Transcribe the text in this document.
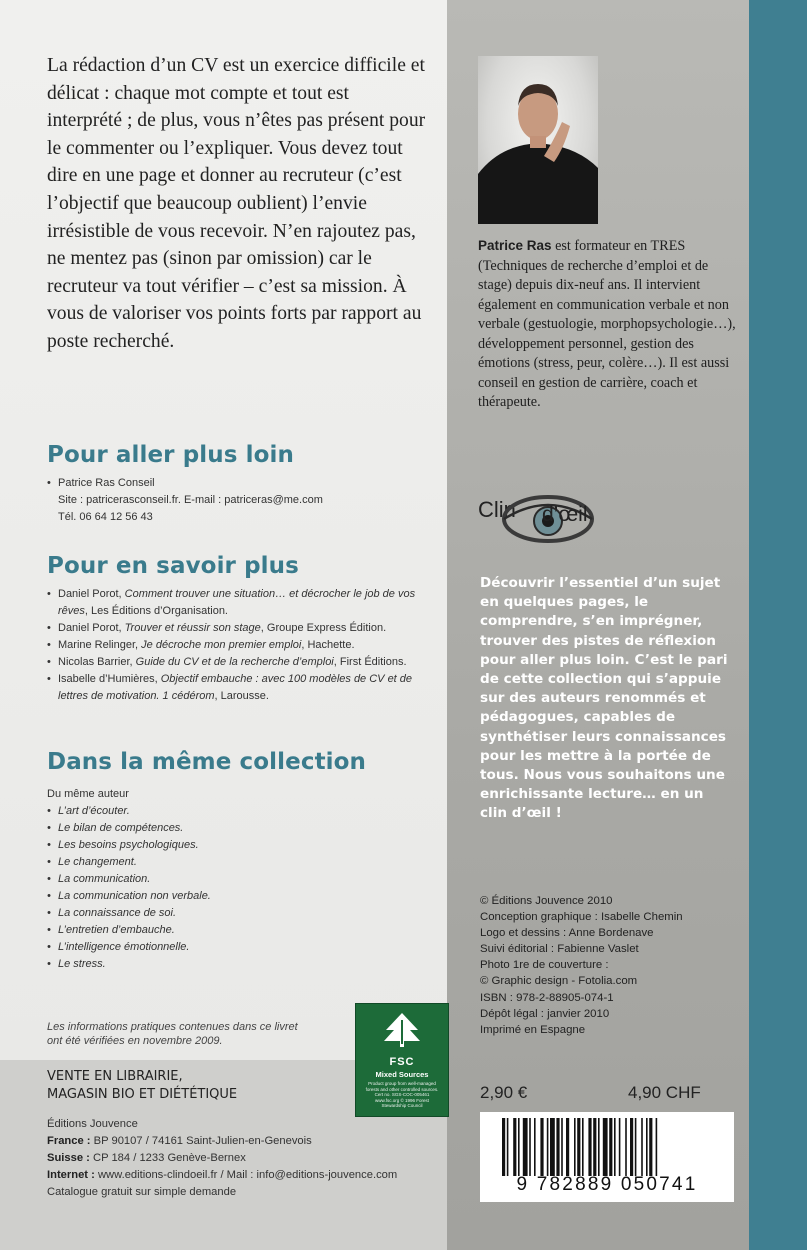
La rédaction d’un CV est un exercice difficile et délicat : chaque mot compte et tout est interprété ; de plus, vous n’êtes pas présent pour le commenter ou l’expliquer. Vous devez tout dire en une page et donner au recruteur (c’est l’objectif que beaucoup oublient) l’envie irrésistible de vous recevoir. N’en rajoutez pas, ne mentez pas (sinon par omission) car le recruteur va tout vérifier – c’est sa mission. À vous de valoriser vos points forts par rapport au poste recherché.

Pour aller plus loin
• Patrice Ras Conseil
Site : patricerasconseil.fr. E-mail : patriceras@me.com
Tél. 06 64 12 56 43
Pour en savoir plus
• Daniel Porot, Comment trouver une situation… et décrocher le job de vos rêves, Les Éditions d’Organisation.
• Daniel Porot, Trouver et réussir son stage, Groupe Express Édition.
• Marine Relinger, Je décroche mon premier emploi, Hachette.
• Nicolas Barrier, Guide du CV et de la recherche d’emploi, First Éditions.
• Isabelle d’Humières, Objectif embauche : avec 100 modèles de CV et de lettres de motivation. 1 cédérom, Larousse.
Dans la même collection
Du même auteur
• L’art d’écouter.
• Le bilan de compétences.
• Les besoins psychologiques.
• Le changement.
• La communication.
• La communication non verbale.
• La connaissance de soi.
• L’entretien d’embauche.
• L’intelligence émotionnelle.
• Le stress.

Les informations pratiques contenues dans ce livret ont été vérifiées en novembre 2009.

FSC
Mixed Sources
Product group from well-managed forests and other controlled sources. Cert no. SGS-COC-005461 www.fsc.org © 1996 Forest Stewardship Council
VENTE EN LIBRAIRIE,
MAGASIN BIO ET DIÉTÉTIQUE
Éditions Jouvence
France : BP 90107 / 74161 Saint-Julien-en-Genevois
Suisse : CP 184 / 1233 Genève-Bernex
Internet : www.editions-clindoeil.fr / Mail : info@editions-jouvence.com
Catalogue gratuit sur simple demande

Patrice Ras est formateur en TRES (Techniques de recherche d’emploi et de stage) depuis dix-neuf ans. Il intervient également en communication verbale et non verbale (gestuologie, morphopsychologie…), développement personnel, gestion des émotions (stress, peur, colère…). Il est aussi conseil en gestion de carrière, coach et thérapeute.

Clin d’œil

Découvrir l’essentiel d’un sujet en quelques pages, le comprendre, s’en imprégner, trouver des pistes de réflexion pour aller plus loin. C’est le pari de cette collection qui s’appuie sur des auteurs renommés et pédagogues, capables de synthétiser leurs connaissances pour les mettre à la portée de tous. Nous vous souhaitons une enrichissante lecture… en un clin d’œil !

© Éditions Jouvence 2010
Conception graphique : Isabelle Chemin
Logo et dessins : Anne Bordenave
Suivi éditorial : Fabienne Vaslet
Photo 1re de couverture :
© Graphic design - Fotolia.com
ISBN : 978-2-88905-074-1
Dépôt légal : janvier 2010
Imprimé en Espagne
2,90 €	4,90 CHF
9 782889 050741
